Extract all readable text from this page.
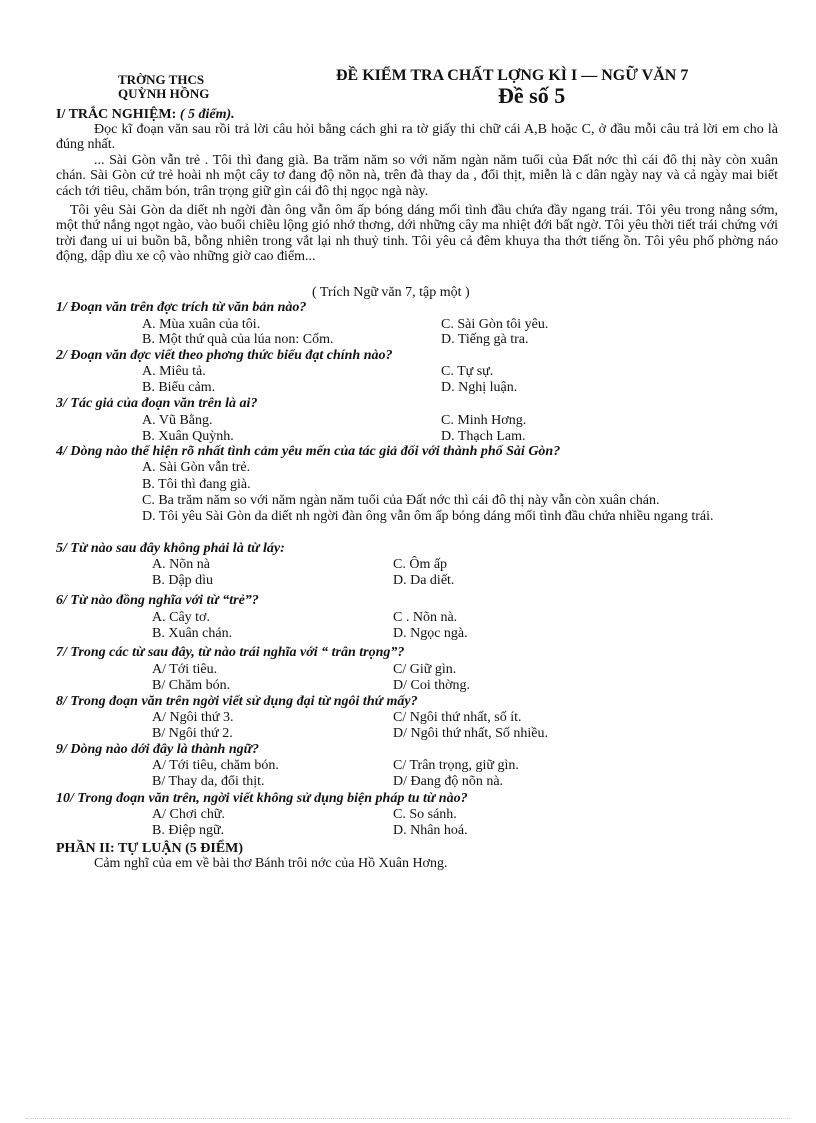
TRỜNG THCS
QUỲNH HỒNG
ĐỀ KIỂM TRA CHẤT LỢNG KÌ I — NGỮ VĂN 7
Đề số 5
I/ TRẮC NGHIỆM: ( 5 điểm).
Đọc kĩ đoạn văn sau rồi trả lời câu hỏi bằng cách ghi ra tờ giấy thi chữ cái A,B hoặc C, ở đầu mỗi câu trả lời em cho là đúng nhất.
... Sài Gòn vẫn trẻ . Tôi thì đang già. Ba trăm năm so với năm ngàn năm tuổi của Đất nớc thì cái đô thị này còn xuân chán. Sài Gòn cứ trẻ hoài nh một cây tơ đang độ nõn nà, trên đà thay da , đổi thịt, miễn là c dân ngày nay và cả ngày mai biết cách tới tiêu, chăm bón, trân trọng giữ gìn cái đô thị ngọc ngà này.
Tôi yêu Sài Gòn da diết nh ngời đàn ông vẫn ôm ấp bóng dáng mối tình đầu chứa đầy ngang trái. Tôi yêu trong nắng sớm, một thứ nắng ngọt ngào, vào buổi chiều lộng gió nhớ thơng, dới những cây ma nhiệt đới bất ngờ. Tôi yêu thời tiết trái chứng với trời đang ui ui buồn bã, bỗng nhiên trong vắt lại nh thuỷ tinh. Tôi yêu cả đêm khuya tha thớt tiếng ồn. Tôi yêu phố phờng náo động, dập dìu xe cộ vào những giờ cao điểm...
( Trích Ngữ văn 7, tập một )
1/ Đoạn văn trên đợc trích từ văn bản nào?
A. Mùa xuân của tôi.	C. Sài Gòn tôi yêu.
B. Một thứ quà của lúa non: Cốm.	D. Tiếng gà tra.
2/ Đoạn văn đợc viết theo phơng thức biểu đạt chính nào?
A. Miêu tả.	C. Tự sự.
B. Biểu cảm.	D. Nghị luận.
3/ Tác giả của đoạn văn trên là ai?
A. Vũ Bằng.	C. Minh Hơng.
B. Xuân Quỳnh.	D. Thạch Lam.
4/ Dòng nào thể hiện rõ nhất tình cảm yêu mến của tác giả đối với thành phố Sài Gòn?
A. Sài Gòn vẫn trẻ.
B. Tôi thì đang già.
C. Ba trăm năm so với năm ngàn năm tuổi của Đất nớc thì cái đô thị này vẫn còn xuân chán.
D. Tôi yêu Sài Gòn da diết nh ngời đàn ông vẫn ôm ấp bóng dáng mối tình đầu chứa nhiều ngang trái.
5/ Từ nào sau đây không phải là từ láy:
A. Nõn nà	C. Ôm ấp
B. Dập dìu	D. Da diết.
6/ Từ nào đồng nghĩa với từ “trẻ”?
A. Cây tơ.	C . Nõn nà.
B. Xuân chán.	D. Ngọc ngà.
7/ Trong các từ sau đây, từ nào trái nghĩa với “ trân trọng”?
A/ Tới tiêu.	C/ Giữ gìn.
B/ Chăm bón.	D/ Coi thờng.
8/ Trong đoạn văn trên ngời viết sử dụng đại từ ngôi thứ mấy?
A/ Ngôi thứ 3.	C/ Ngôi thứ nhất, số ít.
B/ Ngôi thứ 2.	D/ Ngôi thứ nhất, Số nhiều.
9/ Dòng nào dới đây là thành ngữ?
A/ Tới tiêu, chăm bón.	C/ Trân trọng, giữ gìn.
B/ Thay da, đổi thịt.	D/ Đang độ nõn nà.
10/ Trong đoạn văn trên, ngời viết không sử dụng biện pháp tu từ nào?
A/ Chơi chữ.	C. So sánh.
B. Điệp ngữ.	D. Nhân hoá.
PHẦN II: TỰ LUẬN (5 ĐIỂM)
Cảm nghĩ của em về bài thơ Bánh trôi nớc của Hồ Xuân Hơng.
